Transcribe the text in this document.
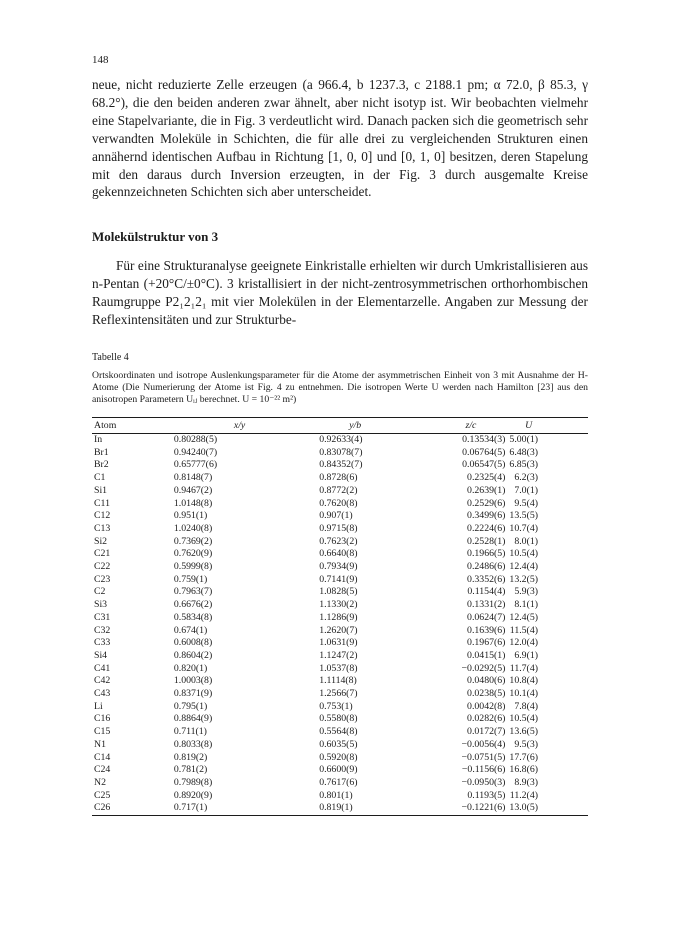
148

neue, nicht reduzierte Zelle erzeugen (a 966.4, b 1237.3, c 2188.1 pm; α 72.0, β 85.3, γ 68.2°), die den beiden anderen zwar ähnelt, aber nicht isotyp ist. Wir beobachten vielmehr eine Stapelvariante, die in Fig. 3 verdeutlicht wird. Danach packen sich die geometrisch sehr verwandten Moleküle in Schichten, die für alle drei zu vergleichenden Strukturen einen annähernd identischen Aufbau in Richtung [1, 0, 0] und [0, 1, 0] besitzen, deren Stapelung mit den daraus durch Inversion erzeugten, in der Fig. 3 durch ausgemalte Kreise gekennzeichneten Schichten sich aber unterscheidet.

Molekülstruktur von 3

Für eine Strukturanalyse geeignete Einkristalle erhielten wir durch Umkristallisieren aus n-Pentan (+20°C/±0°C). 3 kristallisiert in der nicht-zentrosymmetrischen orthorhombischen Raumgruppe P2₁2₁2₁ mit vier Molekülen in der Elementarzelle. Angaben zur Messung der Reflexintensitäten und zur Strukturbe-

Tabelle 4

Ortskoordinaten und isotrope Auslenkungsparameter für die Atome der asymmetrischen Einheit von 3 mit Ausnahme der H-Atome (Die Numerierung der Atome ist Fig. 4 zu entnehmen. Die isotropen Werte U werden nach Hamilton [23] aus den anisotropen Parametern Uᵢⱼ berechnet. U = 10⁻²² m²)

Atom	x/y	y/b	z/c	U
In	0.80288(5)	0.92633(4)	0.13534(3)	5.00(1)
Br1	0.94240(7)	0.83078(7)	0.06764(5)	6.48(3)
Br2	0.65777(6)	0.84352(7)	0.06547(5)	6.85(3)
C1	0.8148(7)	0.8728(6)	0.2325(4)	6.2(3)
Si1	0.9467(2)	0.8772(2)	0.2639(1)	7.0(1)
C11	1.0148(8)	0.7620(8)	0.2529(6)	9.5(4)
C12	0.951(1)	0.907(1)	0.3499(6)	13.5(5)
C13	1.0240(8)	0.9715(8)	0.2224(6)	10.7(4)
Si2	0.7369(2)	0.7623(2)	0.2528(1)	8.0(1)
C21	0.7620(9)	0.6640(8)	0.1966(5)	10.5(4)
C22	0.5999(8)	0.7934(9)	0.2486(6)	12.4(4)
C23	0.759(1)	0.7141(9)	0.3352(6)	13.2(5)
C2	0.7963(7)	1.0828(5)	0.1154(4)	5.9(3)
Si3	0.6676(2)	1.1330(2)	0.1331(2)	8.1(1)
C31	0.5834(8)	1.1286(9)	0.0624(7)	12.4(5)
C32	0.674(1)	1.2620(7)	0.1639(6)	11.5(4)
C33	0.6008(8)	1.0631(9)	0.1967(6)	12.0(4)
Si4	0.8604(2)	1.1247(2)	0.0415(1)	6.9(1)
C41	0.820(1)	1.0537(8)	−0.0292(5)	11.7(4)
C42	1.0003(8)	1.1114(8)	0.0480(6)	10.8(4)
C43	0.8371(9)	1.2566(7)	0.0238(5)	10.1(4)
Li	0.795(1)	0.753(1)	0.0042(8)	7.8(4)
C16	0.8864(9)	0.5580(8)	0.0282(6)	10.5(4)
C15	0.711(1)	0.5564(8)	0.0172(7)	13.6(5)
N1	0.8033(8)	0.6035(5)	−0.0056(4)	9.5(3)
C14	0.819(2)	0.5920(8)	−0.0751(5)	17.7(6)
C24	0.781(2)	0.6600(9)	−0.1156(6)	16.8(6)
N2	0.7989(8)	0.7617(6)	−0.0950(3)	8.9(3)
C25	0.8920(9)	0.801(1)	0.1193(5)	11.2(4)
C26	0.717(1)	0.819(1)	−0.1221(6)	13.0(5)
